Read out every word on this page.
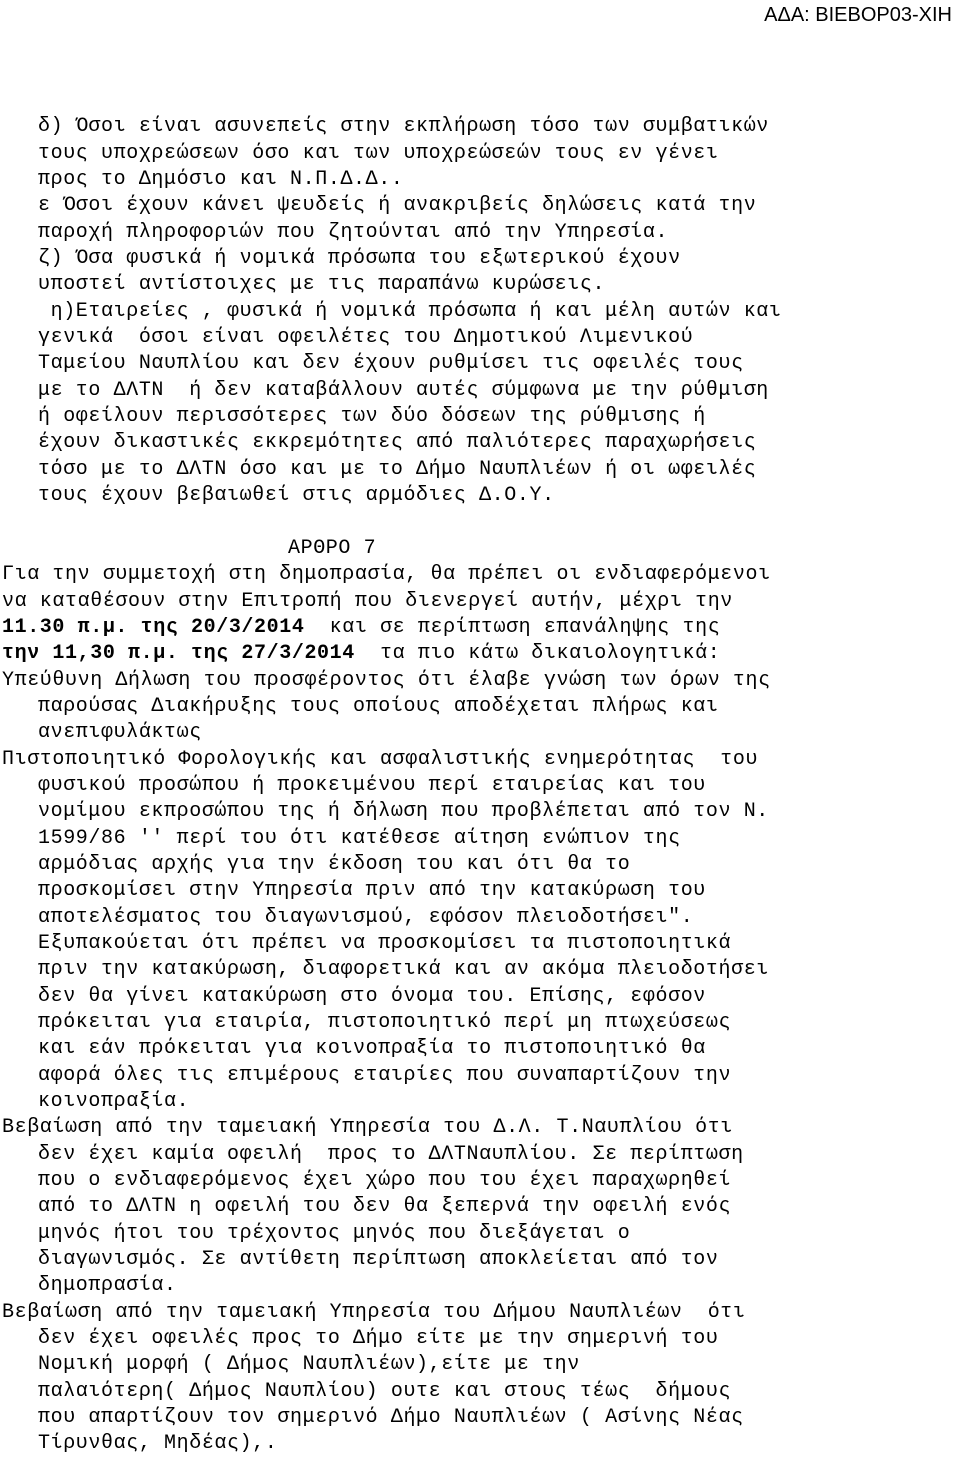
ΑΔΑ: ΒΙΕΒΟΡ03-ΧΙΗ
δ) Όσοι είναι ασυνεπείς στην εκπλήρωση τόσο των συμβατικών
τους υποχρεώσεων όσο και των υποχρεώσεών τους εν γένει
προς το Δημόσιο και Ν.Π.Δ.Δ..
ε Όσοι έχουν κάνει ψευδείς ή ανακριβείς δηλώσεις κατά την
παροχή πληροφοριών που ζητούνται από την Υπηρεσία.
ζ) Όσα φυσικά ή νομικά πρόσωπα του εξωτερικού έχουν
υποστεί αντίστοιχες με τις παραπάνω κυρώσεις.
η)Εταιρείες , φυσικά ή νομικά πρόσωπα ή και μέλη αυτών και
γενικά  όσοι είναι οφειλέτες του Δημοτικού Λιμενικού
Ταμείου Ναυπλίου και δεν έχουν ρυθμίσει τις οφειλές τους
με το ΔΛΤΝ  ή δεν καταβάλλουν αυτές σύμφωνα με την ρύθμιση
ή οφείλουν περισσότερες των δύο δόσεων της ρύθμισης ή
έχουν δικαστικές εκκρεμότητες από παλιότερες παραχωρήσεις
τόσο με το ΔΛΤΝ όσο και με το Δήμο Ναυπλιέων ή οι ωφειλές
τους έχουν βεβαιωθεί στις αρμόδιες Δ.Ο.Υ.
ΑΡΘΡΟ 7
Για την συμμετοχή στη δημοπρασία, θα πρέπει οι ενδιαφερόμενοι
να καταθέσουν στην Επιτροπή που διενεργεί αυτήν, μέχρι την
11.30 π.μ. της 20/3/2014  και σε περίπτωση επανάληψης της
την 11,30 π.μ. της 27/3/2014  τα πιο κάτω δικαιολογητικά:
Υπεύθυνη Δήλωση του προσφέροντος ότι έλαβε γνώση των όρων της
παρούσας Διακήρυξης τους οποίους αποδέχεται πλήρως και
ανεπιφυλάκτως
Πιστοποιητικό Φορολογικής και ασφαλιστικής ενημερότητας  του
φυσικού προσώπου ή προκειμένου περί εταιρείας και του
νομίμου εκπροσώπου της ή δήλωση που προβλέπεται από τον Ν.
1599/86 '' περί του ότι κατέθεσε αίτηση ενώπιον της
αρμόδιας αρχής για την έκδοση του και ότι θα το
προσκομίσει στην Υπηρεσία πριν από την κατακύρωση του
αποτελέσματος του διαγωνισμού, εφόσον πλειοδοτήσει".
Εξυπακούεται ότι πρέπει να προσκομίσει τα πιστοποιητικά
πριν την κατακύρωση, διαφορετικά και αν ακόμα πλειοδοτήσει
δεν θα γίνει κατακύρωση στο όνομα του. Επίσης, εφόσον
πρόκειται για εταιρία, πιστοποιητικό περί μη πτωχεύσεως
και εάν πρόκειται για κοινοπραξία το πιστοποιητικό θα
αφορά όλες τις επιμέρους εταιρίες που συναπαρτίζουν την
κοινοπραξία.
Βεβαίωση από την ταμειακή Υπηρεσία του Δ.Λ. Τ.Ναυπλίου ότι
δεν έχει καμία οφειλή  προς το ΔΛΤΝαυπλίου. Σε περίπτωση
που ο ενδιαφερόμενος έχει χώρο που του έχει παραχωρηθεί
από το ΔΛΤΝ η οφειλή του δεν θα ξεπερνά την οφειλή ενός
μηνός ήτοι του τρέχοντος μηνός που διεξάγεται ο
διαγωνισμός. Σε αντίθετη περίπτωση αποκλείεται από τον
δημοπρασία.
Βεβαίωση από την ταμειακή Υπηρεσία του Δήμου Ναυπλιέων  ότι
δεν έχει οφειλές προς το Δήμο είτε με την σημερινή του
Νομική μορφή ( Δήμος Ναυπλιέων),είτε με την
παλαιότερη( Δήμος Ναυπλίου) ουτε και στους τέως  δήμους
που απαρτίζουν τον σημερινό Δήμο Ναυπλιέων ( Ασίνης Νέας
Τίρυνθας, Μηδέας),.
